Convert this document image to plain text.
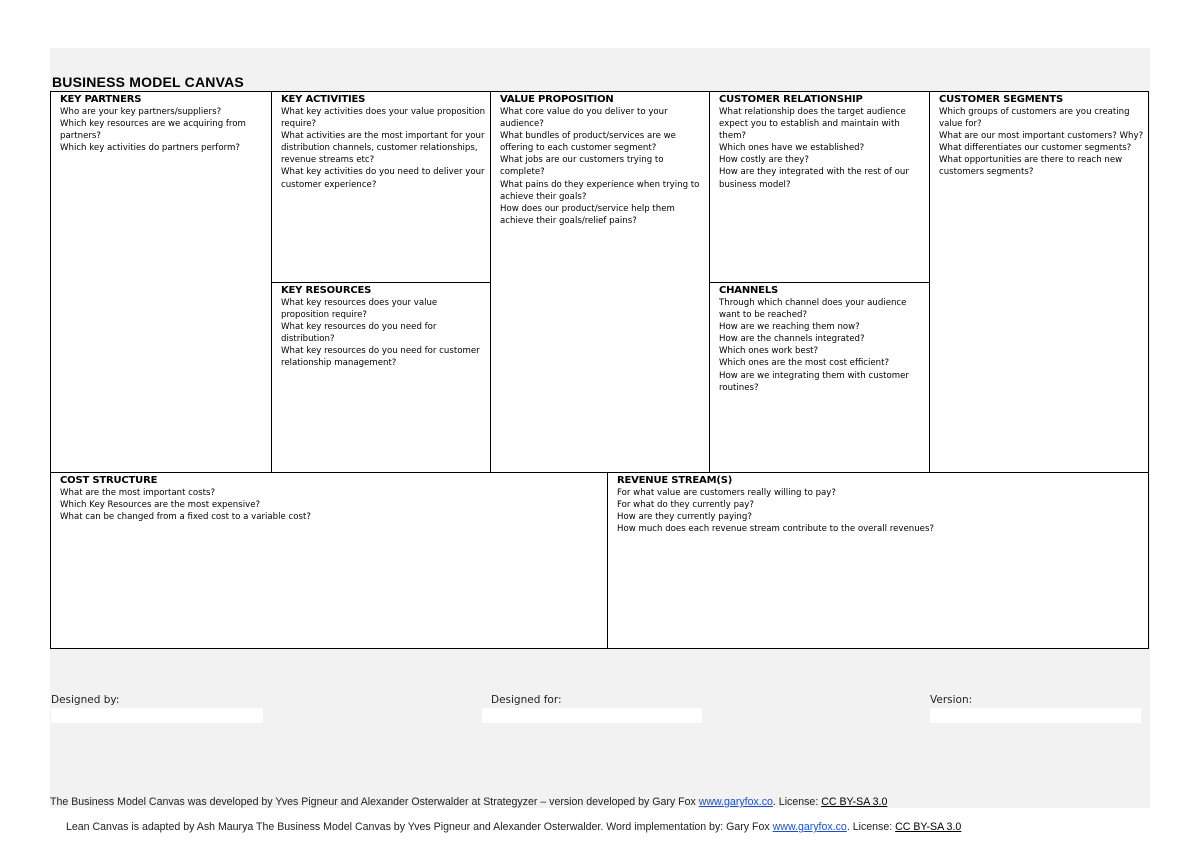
BUSINESS MODEL CANVAS
KEY PARTNERS
Who are your key partners/suppliers?
Which key resources are we acquiring from partners?
Which key activities do partners perform?
KEY ACTIVITIES
What key activities does your value proposition require?
What activities are the most important for your distribution channels, customer relationships, revenue streams etc?
What key activities do you need to deliver your customer experience?
KEY RESOURCES
What key resources does your value proposition require?
What key resources do you need for distribution?
What key resources do you need for customer relationship management?
VALUE PROPOSITION
What core value do you deliver to your audience?
What bundles of product/services are we offering to each customer segment?
What jobs are our customers trying to complete?
What pains do they experience when trying to achieve their goals?
How does our product/service help them achieve their goals/relief pains?
CUSTOMER RELATIONSHIP
What relationship does the target audience expect you to establish and maintain with them?
Which ones have we established?
How costly are they?
How are they integrated with the rest of our business model?
CHANNELS
Through which channel does your audience want to be reached?
How are we reaching them now?
How are the channels integrated?
Which ones work best?
Which ones are the most cost efficient?
How are we integrating them with customer routines?
CUSTOMER SEGMENTS
Which groups of customers are you creating value for?
What are our most important customers? Why?
What differentiates our customer segments?
What opportunities are there to reach new customers segments?
COST STRUCTURE
What are the most important costs?
Which Key Resources are the most expensive?
What can be changed from a fixed cost to a variable cost?
REVENUE STREAM(S)
For what value are customers really willing to pay?
For what do they currently pay?
How are they currently paying?
How much does each revenue stream contribute to the overall revenues?
Designed by:	Designed for:	Version:
The Business Model Canvas was developed by Yves Pigneur and Alexander Osterwalder at Strategyzer – version developed by Gary Fox www.garyfox.co. License: CC BY-SA 3.0
Lean Canvas is adapted by Ash Maurya The Business Model Canvas by Yves Pigneur and Alexander Osterwalder. Word implementation by: Gary Fox www.garyfox.co. License: CC BY-SA 3.0
